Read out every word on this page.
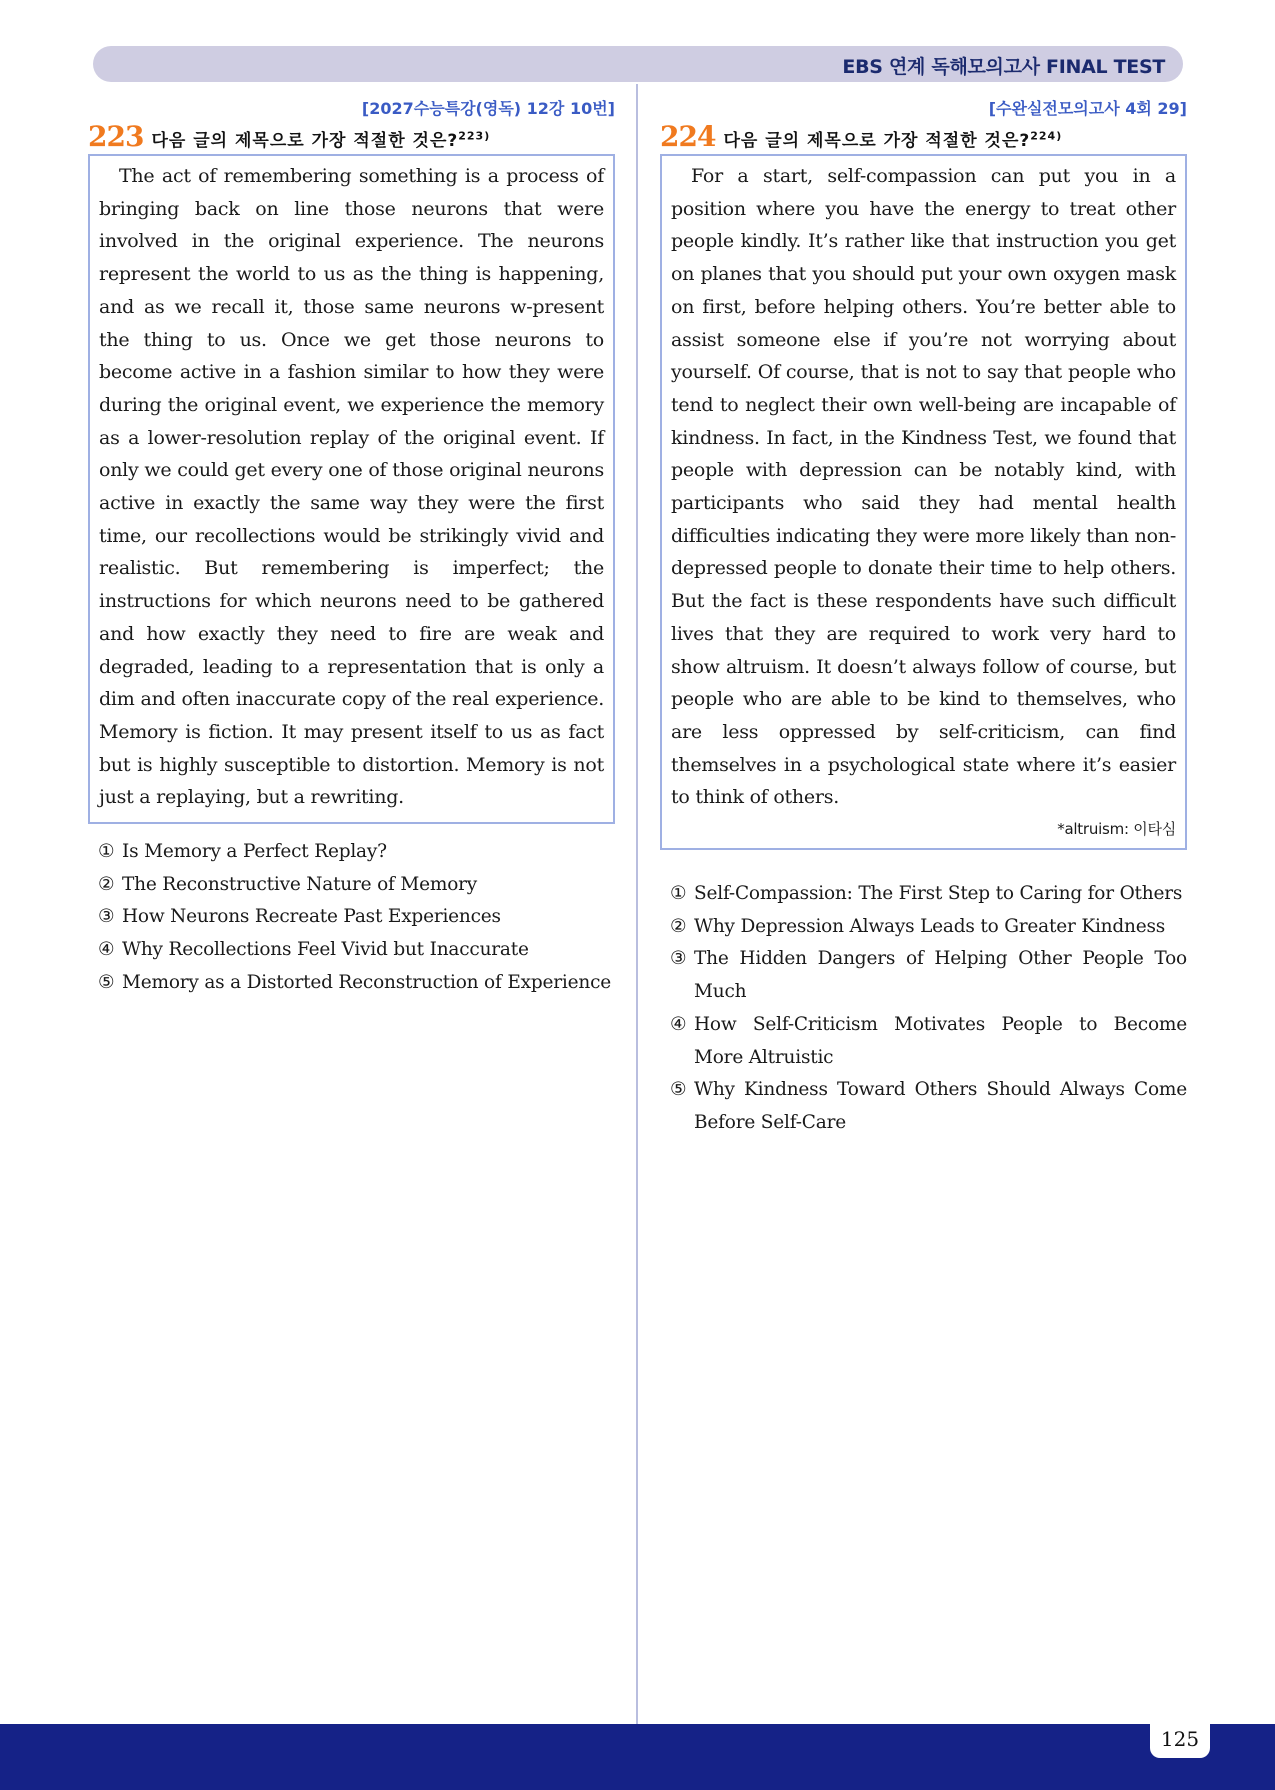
EBS 연계 독해모의고사 FINAL TEST
[2027수능특강(영독) 12강 10번]
223 다음 글의 제목으로 가장 적절한 것은?$^{223)}$
The act of remembering something is a process of bringing back on line those neurons that were involved in the original experience. The neurons represent the world to us as the thing is happening, and as we recall it, those same neurons w-present the thing to us. Once we get those neurons to become active in a fashion similar to how they were during the original event, we experience the memory as a lower-resolution replay of the original event. If only we could get every one of those original neurons active in exactly the same way they were the first time, our recollections would be strikingly vivid and realistic. But remembering is imperfect; the instructions for which neurons need to be gathered and how exactly they need to fire are weak and degraded, leading to a representation that is only a dim and often inaccurate copy of the real experience. Memory is fiction. It may present itself to us as fact but is highly susceptible to distortion. Memory is not just a replaying, but a rewriting.
① Is Memory a Perfect Replay?
② The Reconstructive Nature of Memory
③ How Neurons Recreate Past Experiences
④ Why Recollections Feel Vivid but Inaccurate
⑤ Memory as a Distorted Reconstruction of Experience
[수완실전모의고사 4회 29]
224 다음 글의 제목으로 가장 적절한 것은?$^{224)}$
For a start, self-compassion can put you in a position where you have the energy to treat other people kindly. It’s rather like that instruction you get on planes that you should put your own oxygen mask on first, before helping others. You’re better able to assist someone else if you’re not worrying about yourself. Of course, that is not to say that people who tend to neglect their own well-being are incapable of kindness. In fact, in the Kindness Test, we found that people with depression can be notably kind, with participants who said they had mental health difficulties indicating they were more likely than non-depressed people to donate their time to help others. But the fact is these respondents have such difficult lives that they are required to work very hard to show altruism. It doesn’t always follow of course, but people who are able to be kind to themselves, who are less oppressed by self-criticism, can find themselves in a psychological state where it’s easier to think of others.
*altruism: 이타심
① Self-Compassion: The First Step to Caring for Others
② Why Depression Always Leads to Greater Kindness
③ The Hidden Dangers of Helping Other People Too Much
④ How Self-Criticism Motivates People to Become More Altruistic
⑤ Why Kindness Toward Others Should Always Come Before Self-Care
125
